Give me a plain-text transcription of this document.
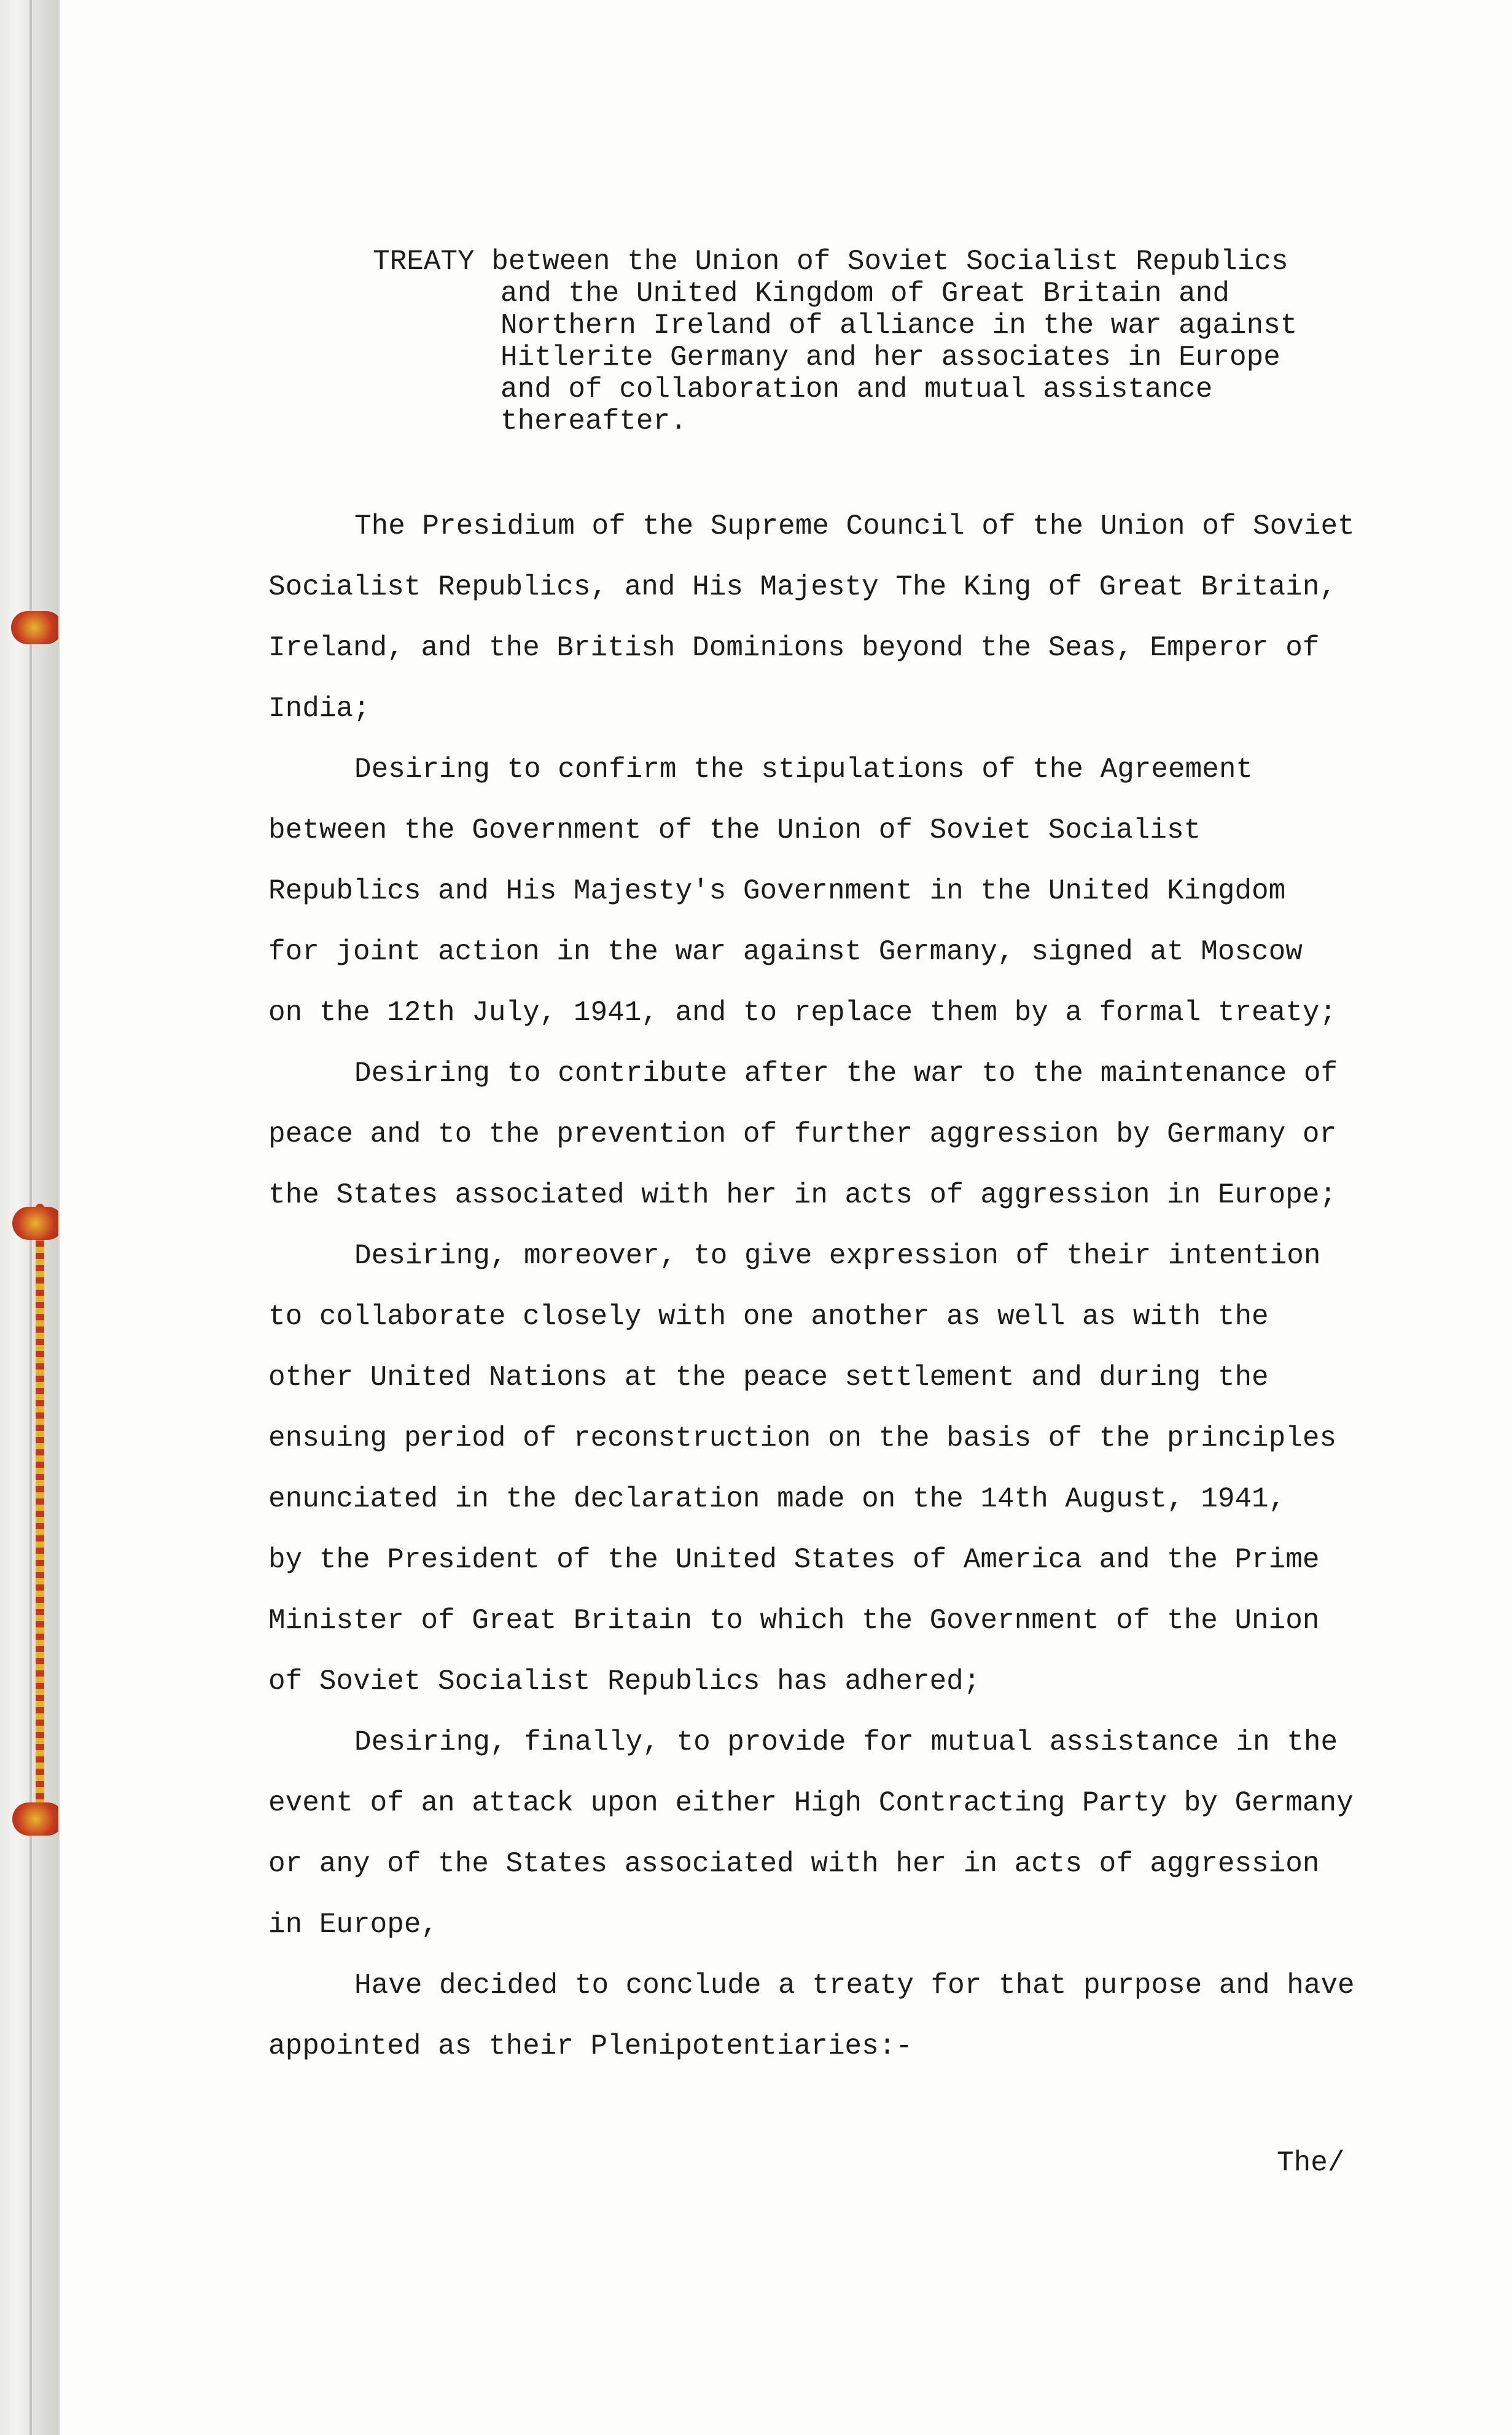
TREATY between the Union of Soviet Socialist Republics
and the United Kingdom of Great Britain and
Northern Ireland of alliance in the war against
Hitlerite Germany and her associates in Europe
and of collaboration and mutual assistance
thereafter.
The Presidium of the Supreme Council of the Union of Soviet
Socialist Republics, and His Majesty The King of Great Britain,
Ireland, and the British Dominions beyond the Seas, Emperor of
India;
Desiring to confirm the stipulations of the Agreement
between the Government of the Union of Soviet Socialist
Republics and His Majesty's Government in the United Kingdom
for joint action in the war against Germany, signed at Moscow
on the 12th July, 1941, and to replace them by a formal treaty;
Desiring to contribute after the war to the maintenance of
peace and to the prevention of further aggression by Germany or
the States associated with her in acts of aggression in Europe;
Desiring, moreover, to give expression of their intention
to collaborate closely with one another as well as with the
other United Nations at the peace settlement and during the
ensuing period of reconstruction on the basis of the principles
enunciated in the declaration made on the 14th August, 1941,
by the President of the United States of America and the Prime
Minister of Great Britain to which the Government of the Union
of Soviet Socialist Republics has adhered;
Desiring, finally, to provide for mutual assistance in the
event of an attack upon either High Contracting Party by Germany
or any of the States associated with her in acts of aggression
in Europe,
Have decided to conclude a treaty for that purpose and have
appointed as their Plenipotentiaries:-
The/
